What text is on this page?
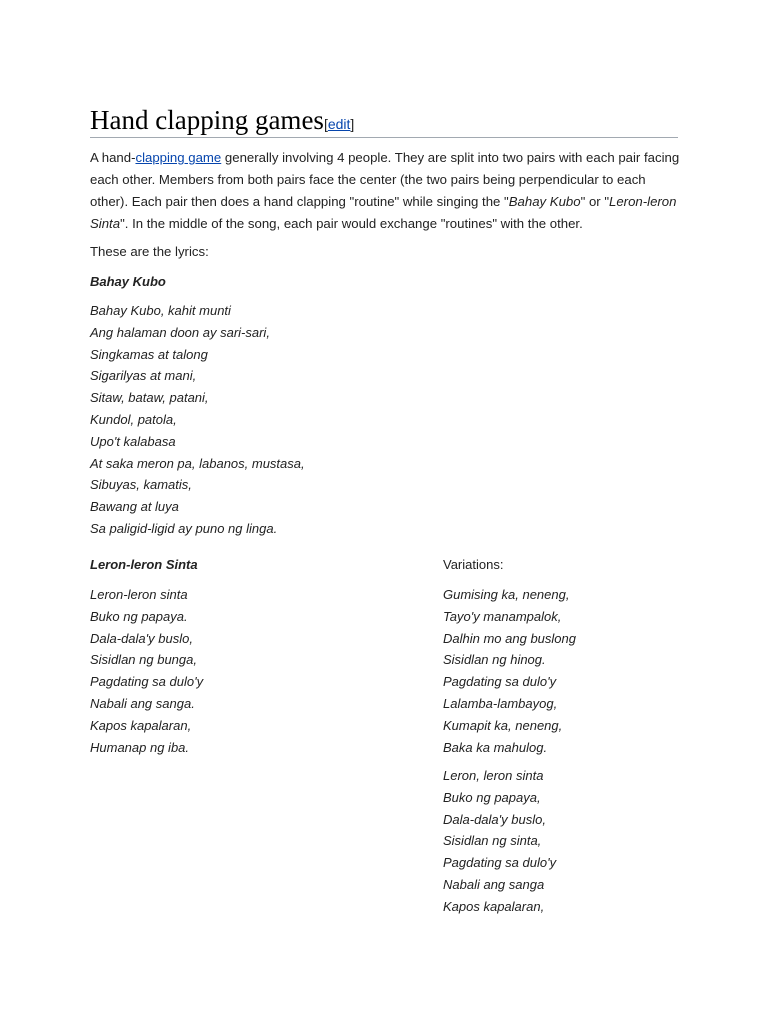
Hand clapping games[edit]

A hand-clapping game generally involving 4 people. They are split into two pairs with each pair facing each other. Members from both pairs face the center (the two pairs being perpendicular to each other). Each pair then does a hand clapping "routine" while singing the "Bahay Kubo" or "Leron-leron Sinta". In the middle of the song, each pair would exchange "routines" with the other.

These are the lyrics:
Bahay Kubo
Bahay Kubo, kahit munti
Ang halaman doon ay sari-sari,
Singkamas at talong
Sigarilyas at mani,
Sitaw, bataw, patani,
Kundol, patola,
Upo't kalabasa
At saka meron pa, labanos, mustasa,
Sibuyas, kamatis,
Bawang at luya
Sa paligid-ligid ay puno ng linga.
Leron-leron Sinta
Leron-leron sinta
Buko ng papaya.
Dala-dala'y buslo,
Sisidlan ng bunga,
Pagdating sa dulo'y
Nabali ang sanga.
Kapos kapalaran,
Humanap ng iba.
Variations:
Gumising ka, neneng,
Tayo'y manampalok,
Dalhin mo ang buslong
Sisidlan ng hinog.
Pagdating sa dulo'y
Lalamba-lambayog,
Kumapit ka, neneng,
Baka ka mahulog.
Leron, leron sinta
Buko ng papaya,
Dala-dala'y buslo,
Sisidlan ng sinta,
Pagdating sa dulo'y
Nabali ang sanga
Kapos kapalaran,
